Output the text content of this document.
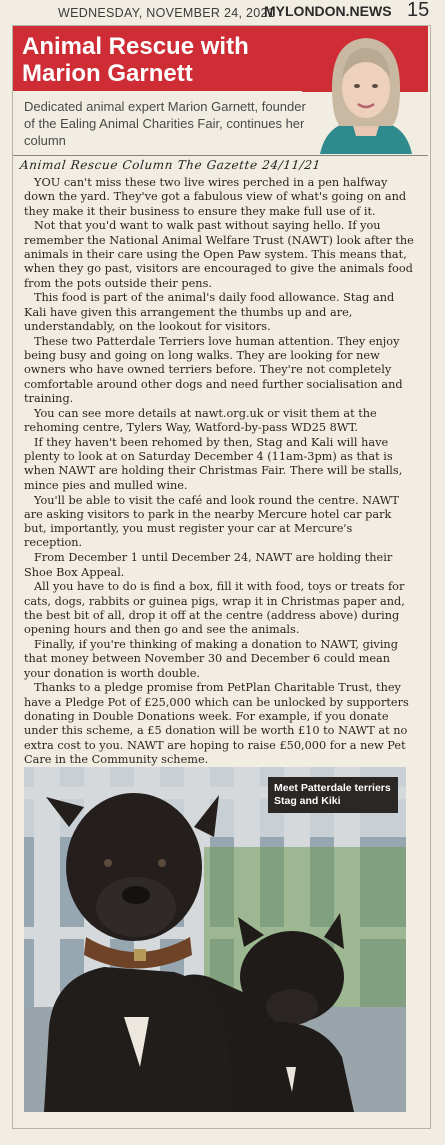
WEDNESDAY, NOVEMBER 24, 2021
MYLONDON.NEWS 15
Animal Rescue with
Marion Garnett
Dedicated animal expert Marion Garnett, founder of the Ealing Animal Charities Fair, continues her column
Animal Rescue Column The Gazette 24/11/21

YOU can't miss these two live wires perched in a pen halfway down the yard. They've got a fabulous view of what's going on and they make it their business to ensure they make full use of it.

Not that you'd want to walk past without saying hello. If you remember the National Animal Welfare Trust (NAWT) look after the animals in their care using the Open Paw system. This means that, when they go past, visitors are encouraged to give the animals food from the pots outside their pens.

This food is part of the animal's daily food allowance. Stag and Kali have given this arrangement the thumbs up and are, understandably, on the lookout for visitors.

These two Patterdale Terriers love human attention. They enjoy being busy and going on long walks. They are looking for new owners who have owned terriers before. They're not completely comfortable around other dogs and need further socialisation and training.

You can see more details at nawt.org.uk or visit them at the rehoming centre, Tylers Way, Watford-by-pass WD25 8WT.

If they haven't been rehomed by then, Stag and Kali will have plenty to look at on Saturday December 4 (11am-3pm) as that is when NAWT are holding their Christmas Fair. There will be stalls, mince pies and mulled wine.

You'll be able to visit the café and look round the centre. NAWT are asking visitors to park in the nearby Mercure hotel car park but, importantly, you must register your car at Mercure's reception.

From December 1 until December 24, NAWT are holding their Shoe Box Appeal.

All you have to do is find a box, fill it with food, toys or treats for cats, dogs, rabbits or guinea pigs, wrap it in Christmas paper and, the best bit of all, drop it off at the centre (address above) during opening hours and then go and see the animals.

Finally, if you're thinking of making a donation to NAWT, giving that money between November 30 and December 6 could mean your donation is worth double.

Thanks to a pledge promise from PetPlan Charitable Trust, they have a Pledge Pot of £25,000 which can be unlocked by supporters donating in Double Donations week. For example, if you donate under this scheme, a £5 donation will be worth £10 to NAWT at no extra cost to you. NAWT are hoping to raise £50,000 for a new Pet Care in the Community scheme.

Meet Patterdale terriers Stag and Kiki
